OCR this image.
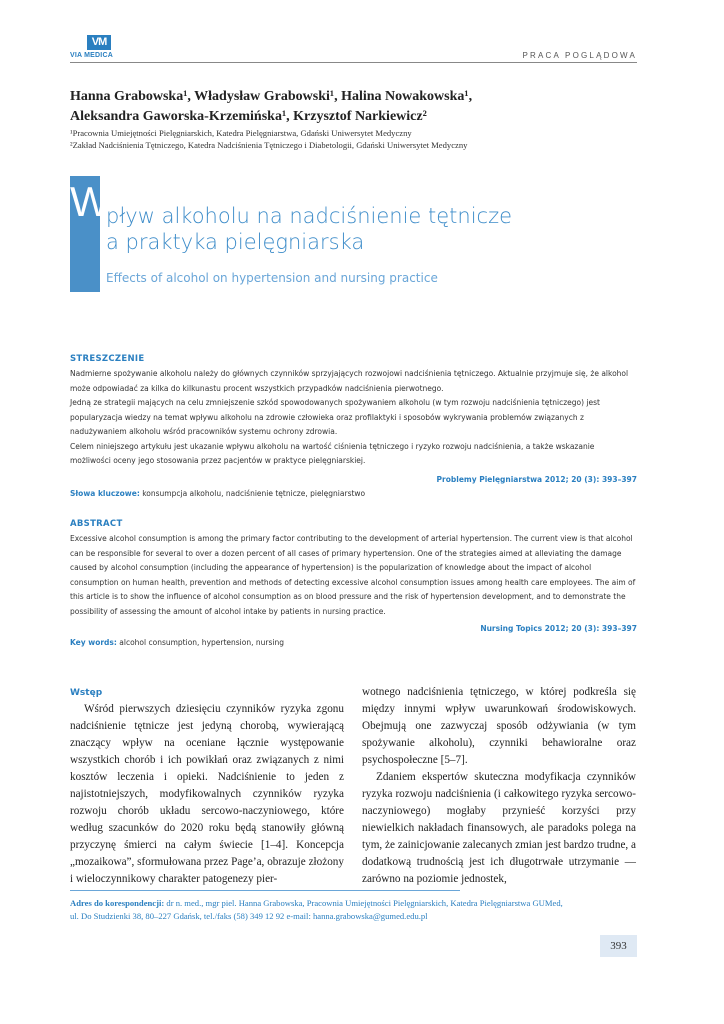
VM
VIA MEDICA	PRACA POGLĄDOWA
Hanna Grabowska¹, Władysław Grabowski¹, Halina Nowakowska¹,
Aleksandra Gaworska-Krzemińska¹, Krzysztof Narkiewicz²
¹Pracownia Umiejętności Pielęgniarskich, Katedra Pielęgniarstwa, Gdański Uniwersytet Medyczny
²Zakład Nadciśnienia Tętniczego, Katedra Nadciśnienia Tętniczego i Diabetologii, Gdański Uniwersytet Medyczny
W
pływ alkoholu na nadciśnienie tętnicze
a praktyka pielęgniarska
Effects of alcohol on hypertension and nursing practice
STRESZCZENIE

Nadmierne spożywanie alkoholu należy do głównych czynników sprzyjających rozwojowi nadciśnienia tętniczego. Aktualnie przyjmuje się, że alkohol może odpowiadać za kilka do kilkunastu procent wszystkich przypadków nadciśnienia pierwotnego.

Jedną ze strategii mających na celu zmniejszenie szkód spowodowanych spożywaniem alkoholu (w tym rozwoju nadciśnienia tętniczego) jest popularyzacja wiedzy na temat wpływu alkoholu na zdrowie człowieka oraz profilaktyki i sposobów wykrywania problemów związanych z nadużywaniem alkoholu wśród pracowników systemu ochrony zdrowia.

Celem niniejszego artykułu jest ukazanie wpływu alkoholu na wartość ciśnienia tętniczego i ryzyko rozwoju nadciśnienia, a także wskazanie możliwości oceny jego stosowania przez pacjentów w praktyce pielęgniarskiej.

Problemy Pielęgniarstwa 2012; 20 (3): 393–397
Słowa kluczowe: konsumpcja alkoholu, nadciśnienie tętnicze, pielęgniarstwo
ABSTRACT

Excessive alcohol consumption is among the primary factor contributing to the development of arterial hypertension. The current view is that alcohol can be responsible for several to over a dozen percent of all cases of primary hypertension. One of the strategies aimed at alleviating the damage caused by alcohol consumption (including the appearance of hypertension) is the popularization of knowledge about the impact of alcohol consumption on human health, prevention and methods of detecting excessive alcohol consumption issues among health care employees. The aim of this article is to show the influence of alcohol consumption as on blood pressure and the risk of hypertension development, and to demonstrate the possibility of assessing the amount of alcohol intake by patients in nursing practice.

Nursing Topics 2012; 20 (3): 393–397
Key words: alcohol consumption, hypertension, nursing
Wstęp

Wśród pierwszych dziesięciu czynników ryzyka zgonu nadciśnienie tętnicze jest jedyną chorobą, wywierającą znaczący wpływ na oceniane łącznie występowanie wszystkich chorób i ich powikłań oraz związanych z nimi kosztów leczenia i opieki. Nadciśnienie to jeden z najistotniejszych, modyfikowalnych czynników ryzyka rozwoju chorób układu sercowo-naczyniowego, które według szacunków do 2020 roku będą stanowiły główną przyczynę śmierci na całym świecie [1–4]. Koncepcja „mozaikowa”, sformułowana przez Page’a, obrazuje złożony i wieloczynnikowy charakter patogenezy pier-

wotnego nadciśnienia tętniczego, w której podkreśla się między innymi wpływ uwarunkowań środowiskowych. Obejmują one zazwyczaj sposób odżywiania (w tym spożywanie alkoholu), czynniki behawioralne oraz psychospołeczne [5–7].

Zdaniem ekspertów skuteczna modyfikacja czynników ryzyka rozwoju nadciśnienia (i całkowitego ryzyka sercowo-naczyniowego) mogłaby przynieść korzyści przy niewielkich nakładach finansowych, ale paradoks polega na tym, że zainicjowanie zalecanych zmian jest bardzo trudne, a dodatkową trudnością jest ich długotrwałe utrzymanie — zarówno na poziomie jednostek,

Adres do korespondencji: dr n. med., mgr piel. Hanna Grabowska, Pracownia Umiejętności Pielęgniarskich, Katedra Pielęgniarstwa GUMed,
ul. Do Studzienki 38, 80–227 Gdańsk, tel./faks (58) 349 12 92 e-mail: hanna.grabowska@gumed.edu.pl
393
